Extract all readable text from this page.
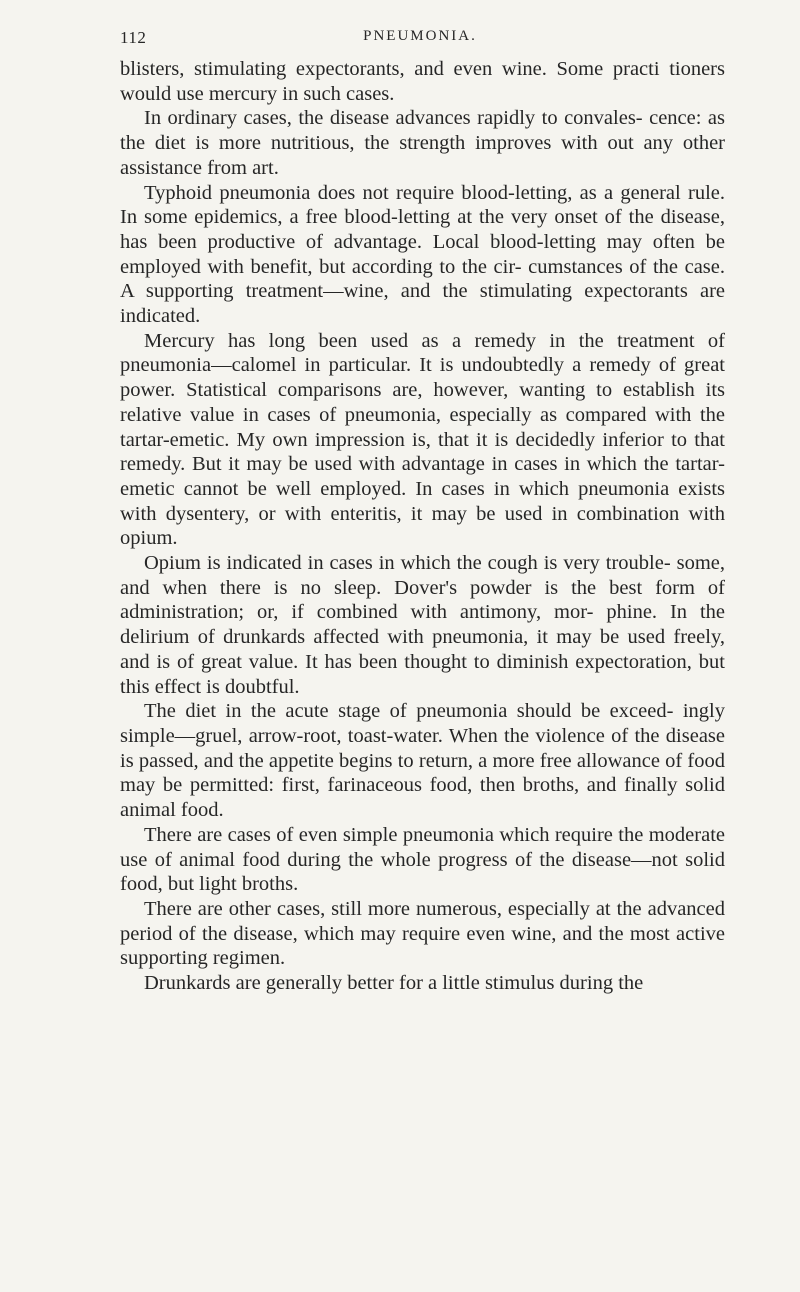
112	PNEUMONIA.

blisters, stimulating expectorants, and even wine. Some practi tioners would use mercury in such cases.

In ordinary cases, the disease advances rapidly to convales- cence: as the diet is more nutritious, the strength improves with out any other assistance from art.

Typhoid pneumonia does not require blood-letting, as a general rule. In some epidemics, a free blood-letting at the very onset of the disease, has been productive of advantage. Local blood-letting may often be employed with benefit, but according to the cir- cumstances of the case. A supporting treatment—wine, and the stimulating expectorants are indicated.

Mercury has long been used as a remedy in the treatment of pneumonia—calomel in particular. It is undoubtedly a remedy of great power. Statistical comparisons are, however, wanting to establish its relative value in cases of pneumonia, especially as compared with the tartar-emetic. My own impression is, that it is decidedly inferior to that remedy. But it may be used with advantage in cases in which the tartar-emetic cannot be well employed. In cases in which pneumonia exists with dysentery, or with enteritis, it may be used in combination with opium.

Opium is indicated in cases in which the cough is very trouble- some, and when there is no sleep. Dover's powder is the best form of administration; or, if combined with antimony, mor- phine. In the delirium of drunkards affected with pneumonia, it may be used freely, and is of great value. It has been thought to diminish expectoration, but this effect is doubtful.

The diet in the acute stage of pneumonia should be exceed- ingly simple—gruel, arrow-root, toast-water. When the violence of the disease is passed, and the appetite begins to return, a more free allowance of food may be permitted: first, farinaceous food, then broths, and finally solid animal food.

There are cases of even simple pneumonia which require the moderate use of animal food during the whole progress of the disease—not solid food, but light broths.

There are other cases, still more numerous, especially at the advanced period of the disease, which may require even wine, and the most active supporting regimen.

Drunkards are generally better for a little stimulus during the
